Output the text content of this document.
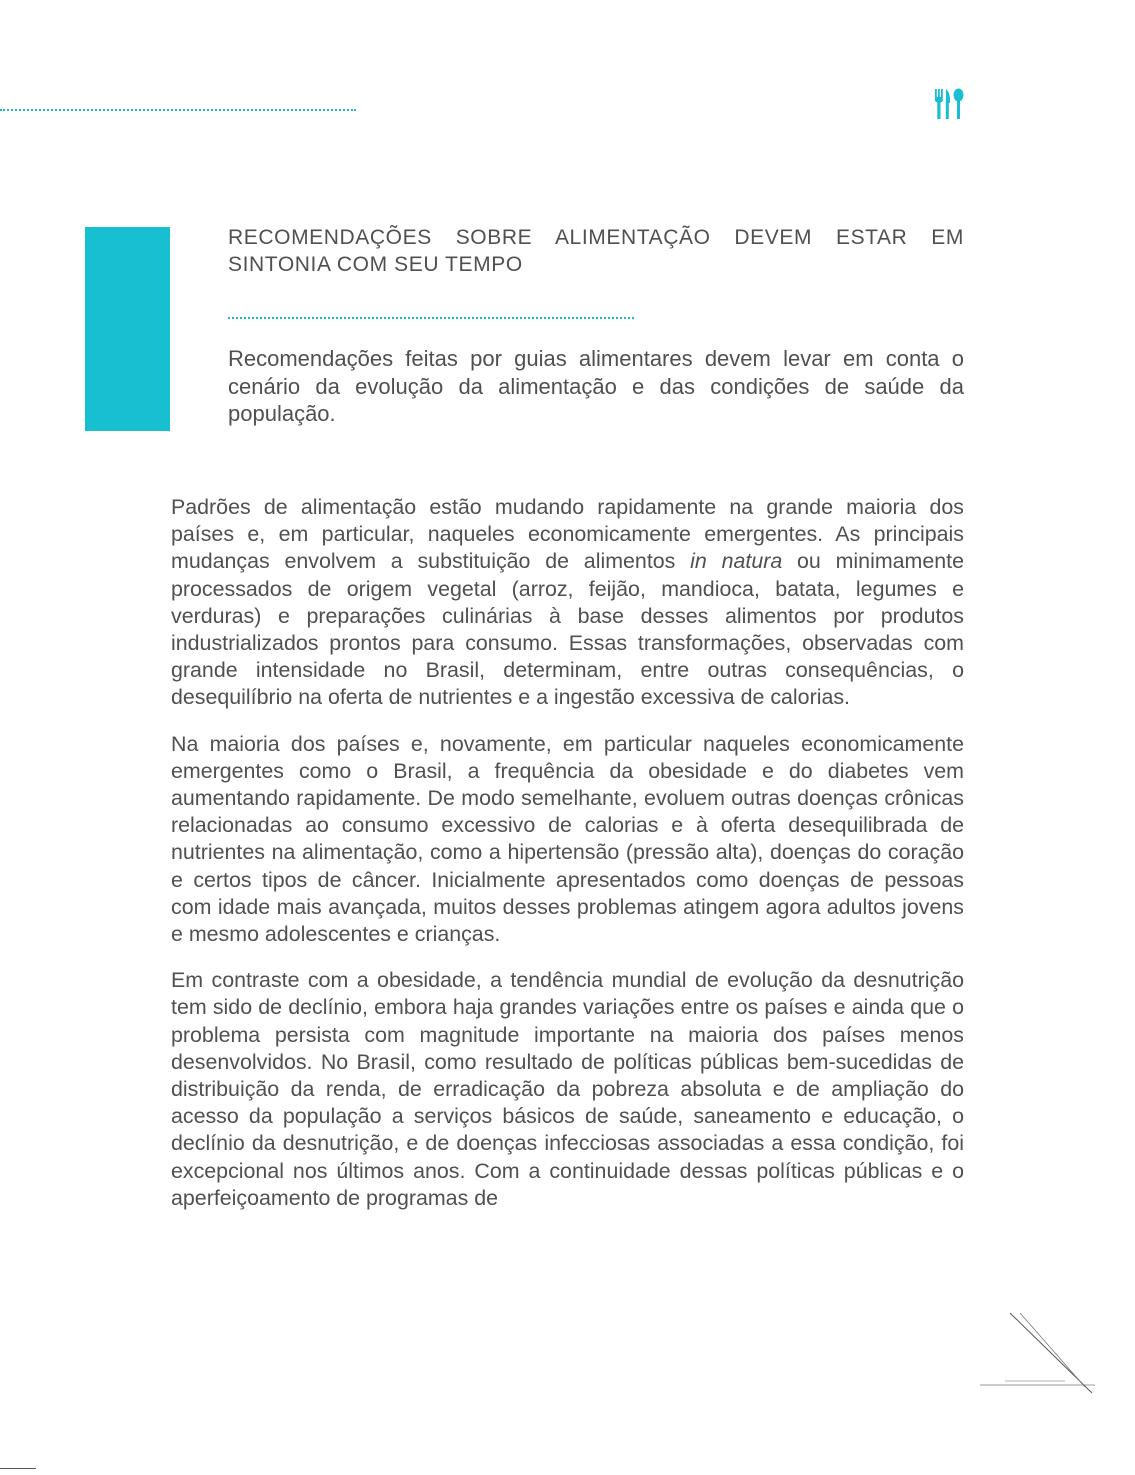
RECOMENDAÇÕES SOBRE ALIMENTAÇÃO DEVEM ESTAR EM SINTONIA COM SEU TEMPO

Recomendações feitas por guias alimentares devem levar em conta o cenário da evolução da alimentação e das condições de saúde da população.

Padrões de alimentação estão mudando rapidamente na grande maioria dos países e, em particular, naqueles economicamente emergentes. As principais mudanças envolvem a substituição de alimentos in natura ou minimamente processados de origem vegetal (arroz, feijão, mandioca, batata, legumes e verduras) e preparações culinárias à base desses alimentos por produtos industrializados prontos para consumo. Essas transformações, observadas com grande intensidade no Brasil, determinam, entre outras consequências, o desequilíbrio na oferta de nutrientes e a ingestão excessiva de calorias.

Na maioria dos países e, novamente, em particular naqueles economicamente emergentes como o Brasil, a frequência da obesidade e do diabetes vem aumentando rapidamente. De modo semelhante, evoluem outras doenças crônicas relacionadas ao consumo excessivo de calorias e à oferta desequilibrada de nutrientes na alimentação, como a hipertensão (pressão alta), doenças do coração e certos tipos de câncer. Inicialmente apresentados como doenças de pessoas com idade mais avançada, muitos desses problemas atingem agora adultos jovens e mesmo adolescentes e crianças.

Em contraste com a obesidade, a tendência mundial de evolução da desnutrição tem sido de declínio, embora haja grandes variações entre os países e ainda que o problema persista com magnitude importante na maioria dos países menos desenvolvidos. No Brasil, como resultado de políticas públicas bem-sucedidas de distribuição da renda, de erradicação da pobreza absoluta e de ampliação do acesso da população a serviços básicos de saúde, saneamento e educação, o declínio da desnutrição, e de doenças infecciosas associadas a essa condição, foi excepcional nos últimos anos. Com a continuidade dessas políticas públicas e o aperfeiçoamento de programas de
